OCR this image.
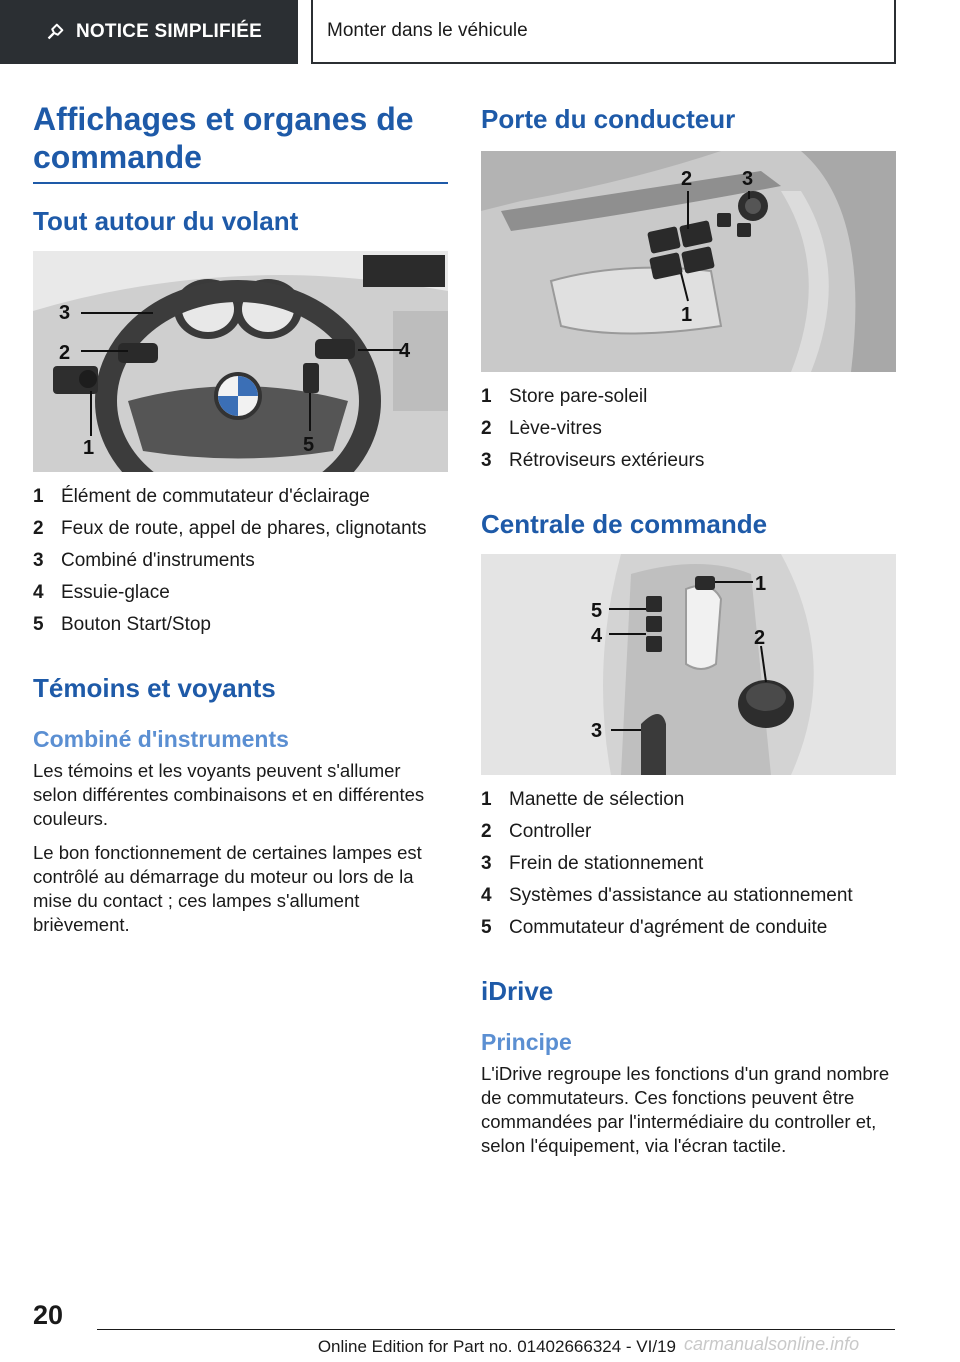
NOTICE SIMPLIFIÉE	Monter dans le véhicule
Affichages et organes de commande
Tout autour du volant
3
2	4
1	5
1 Élément de commutateur d'éclairage
2 Feux de route, appel de phares, clignotants
3 Combiné d'instruments
4 Essuie-glace
5 Bouton Start/Stop
Témoins et voyants
Combiné d'instruments

Les témoins et les voyants peuvent s'allumer selon différentes combinaisons et en différentes couleurs.

Le bon fonctionnement de certaines lampes est contrôlé au démarrage du moteur ou lors de la mise du contact ; ces lampes s'allument brièvement.

Porte du conducteur
2 3
1
1 Store pare-soleil
2 Lève-vitres
3 Rétroviseurs extérieurs
Centrale de commande
1
2
3
4
5
1 Manette de sélection
2 Controller
3 Frein de stationnement
4 Systèmes d'assistance au stationnement
5 Commutateur d'agrément de conduite
iDrive
Principe

L'iDrive regroupe les fonctions d'un grand nombre de commutateurs. Ces fonctions peuvent être commandées par l'intermédiaire du controller et, selon l'équipement, via l'écran tactile.

20
Online Edition for Part no. 01402666324 - VI/19 carmanualsonline.info
